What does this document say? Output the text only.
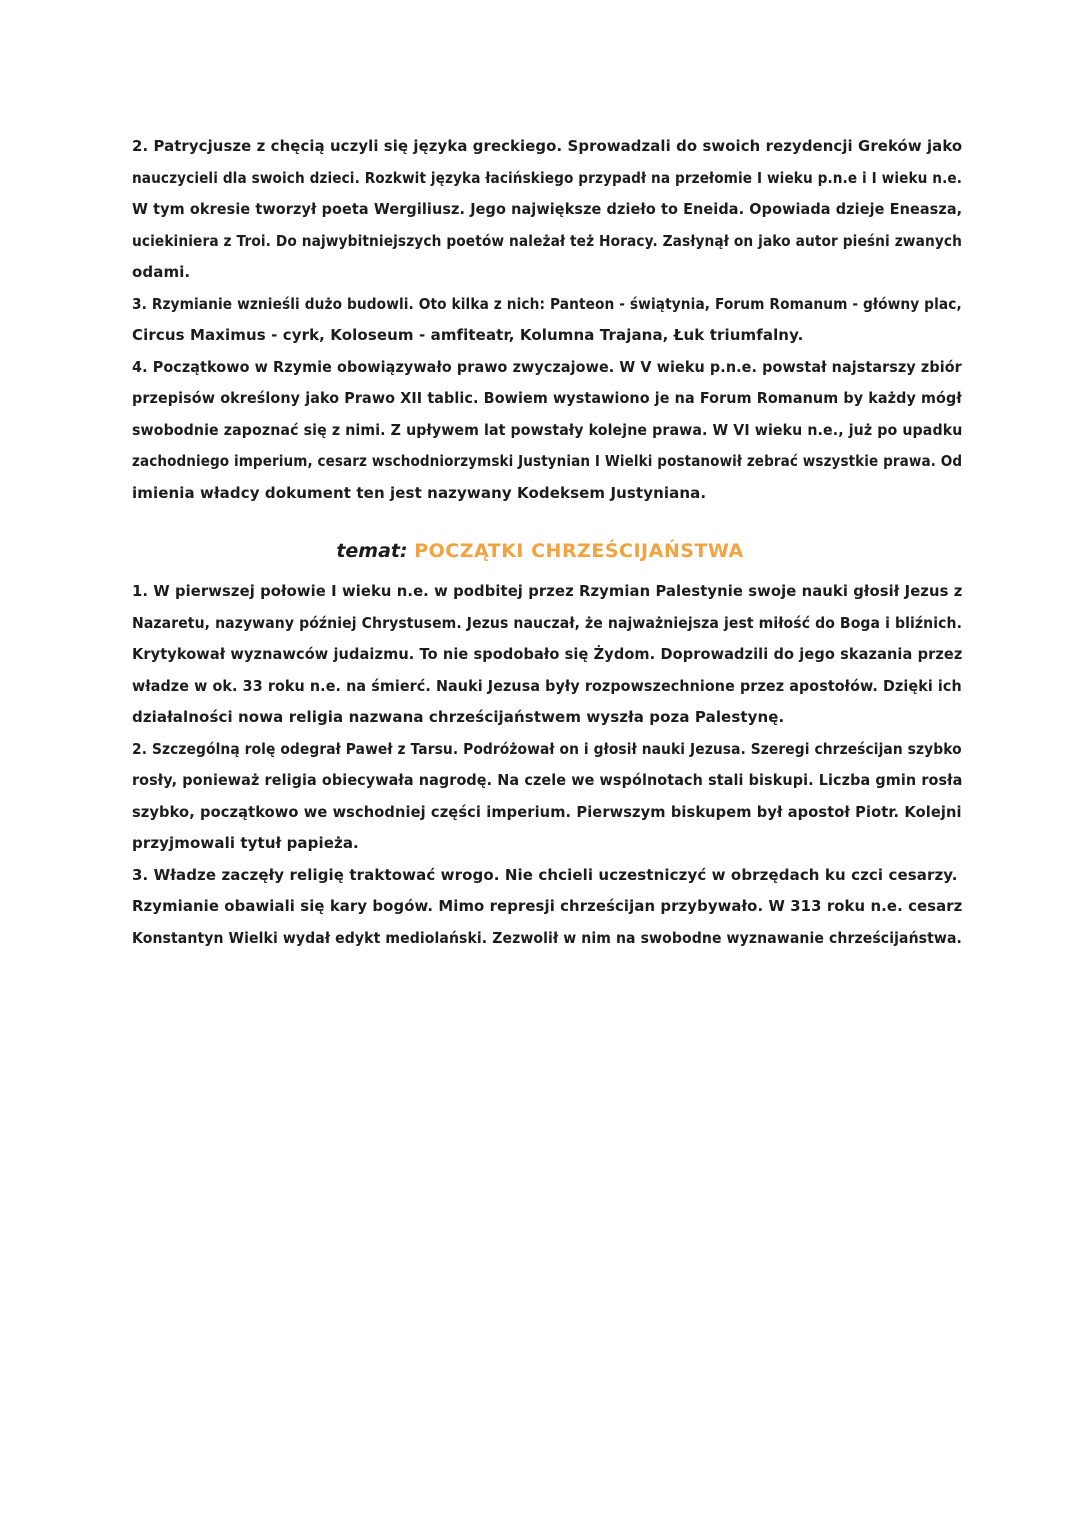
2. Patrycjusze z chęcią uczyli się języka greckiego. Sprowadzali do swoich rezydencji Greków jako
nauczycieli dla swoich dzieci. Rozkwit języka łacińskiego przypadł na przełomie I wieku p.n.e i I wieku n.e.
W tym okresie tworzył poeta Wergiliusz. Jego największe dzieło to Eneida. Opowiada dzieje Eneasza,
uciekiniera z Troi. Do najwybitniejszych poetów należał też Horacy. Zasłynął on jako autor pieśni zwanych
odami.
3. Rzymianie wznieśli dużo budowli. Oto kilka z nich: Panteon - świątynia, Forum Romanum - główny plac,
Circus Maximus - cyrk, Koloseum - amfiteatr, Kolumna Trajana, Łuk triumfalny.
4. Początkowo w Rzymie obowiązywało prawo zwyczajowe. W V wieku p.n.e. powstał najstarszy zbiór
przepisów określony jako Prawo XII tablic. Bowiem wystawiono je na Forum Romanum by każdy mógł
swobodnie zapoznać się z nimi. Z upływem lat powstały kolejne prawa. W VI wieku n.e., już po upadku
zachodniego imperium, cesarz wschodniorzymski Justynian I Wielki postanowił zebrać wszystkie prawa. Od
imienia władcy dokument ten jest nazywany Kodeksem Justyniana.
temat: POCZĄTKI CHRZEŚCIJAŃSTWA
1. W pierwszej połowie I wieku n.e. w podbitej przez Rzymian Palestynie swoje nauki głosił Jezus z
Nazaretu, nazywany później Chrystusem. Jezus nauczał, że najważniejsza jest miłość do Boga i bliźnich.
Krytykował wyznawców judaizmu. To nie spodobało się Żydom. Doprowadzili do jego skazania przez
władze w ok. 33 roku n.e. na śmierć. Nauki Jezusa były rozpowszechnione przez apostołów. Dzięki ich
działalności nowa religia nazwana chrześcijaństwem wyszła poza Palestynę.
2. Szczególną rolę odegrał Paweł z Tarsu. Podróżował on i głosił nauki Jezusa. Szeregi chrześcijan szybko
rosły, ponieważ religia obiecywała nagrodę. Na czele we wspólnotach stali biskupi. Liczba gmin rosła
szybko, początkowo we wschodniej części imperium. Pierwszym biskupem był apostoł Piotr. Kolejni
przyjmowali tytuł papieża.
3. Władze zaczęły religię traktować wrogo. Nie chcieli uczestniczyć w obrzędach ku czci cesarzy.
Rzymianie obawiali się kary bogów. Mimo represji chrześcijan przybywało. W 313 roku n.e. cesarz
Konstantyn Wielki wydał edykt mediolański. Zezwolił w nim na swobodne wyznawanie chrześcijaństwa.
